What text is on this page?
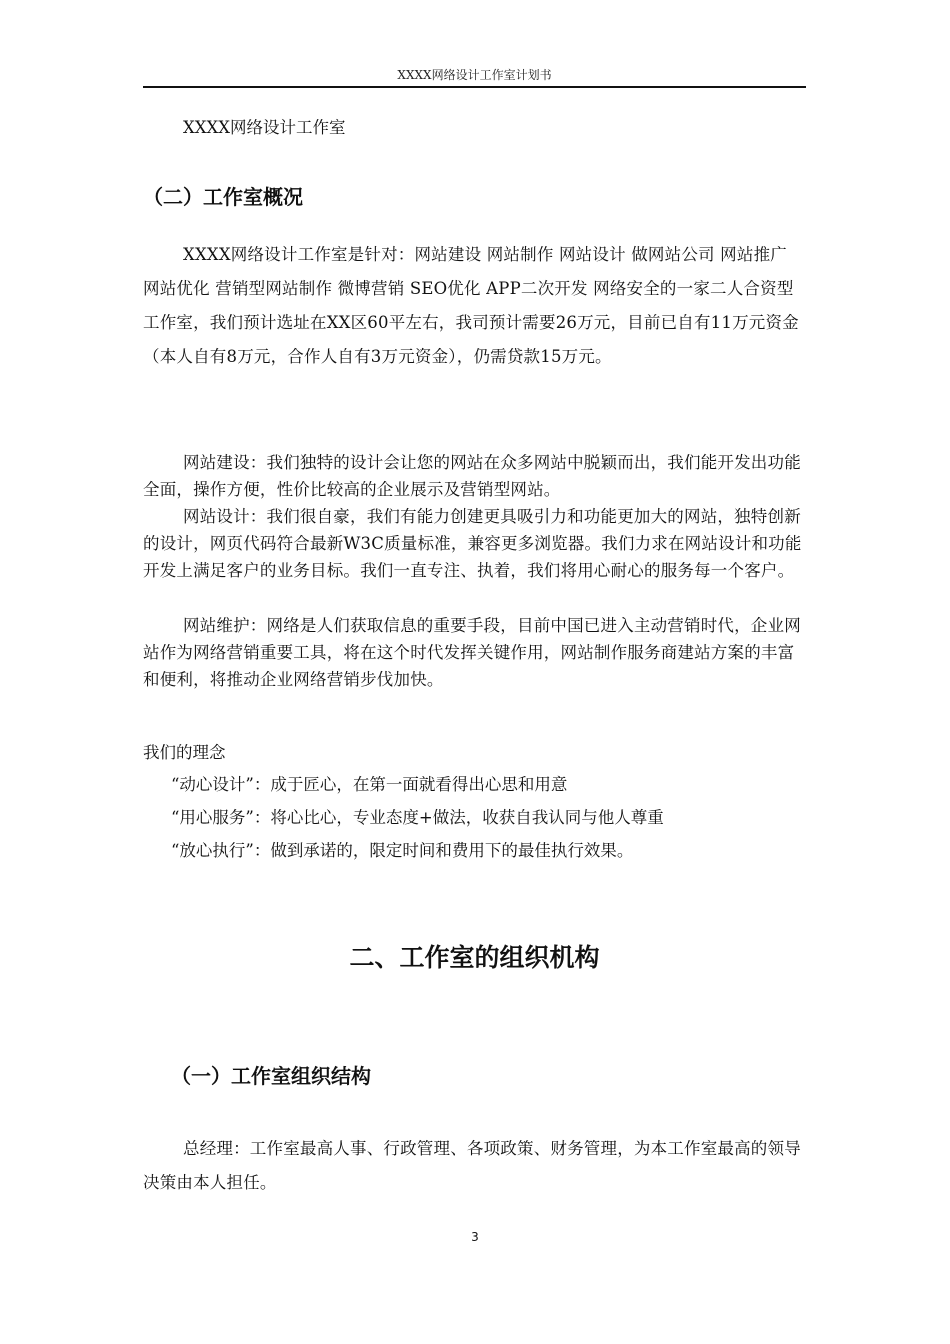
XXXX网络设计工作室计划书
XXXX网络设计工作室
（二）工作室概况

XXXX网络设计工作室是针对：网站建设 网站制作 网站设计 做网站公司 网站推广 网站优化 营销型网站制作 微博营销 SEO优化 APP二次开发 网络安全的一家二人合资型工作室，我们预计选址在XX区60平左右，我司预计需要26万元，目前已自有11万元资金（本人自有8万元，合作人自有3万元资金），仍需贷款15万元。

网站建设：我们独特的设计会让您的网站在众多网站中脱颖而出，我们能开发出功能全面，操作方便，性价比较高的企业展示及营销型网站。

网站设计：我们很自豪，我们有能力创建更具吸引力和功能更加大的网站，独特创新的设计，网页代码符合最新W3C质量标准，兼容更多浏览器。我们力求在网站设计和功能开发上满足客户的业务目标。我们一直专注、执着，我们将用心耐心的服务每一个客户。

网站维护：网络是人们获取信息的重要手段，目前中国已进入主动营销时代，企业网站作为网络营销重要工具，将在这个时代发挥关键作用，网站制作服务商建站方案的丰富和便利，将推动企业网络营销步伐加快。

我们的理念

“动心设计”：成于匠心，在第一面就看得出心思和用意

“用心服务”：将心比心，专业态度+做法，收获自我认同与他人尊重

“放心执行”：做到承诺的，限定时间和费用下的最佳执行效果。

二、工作室的组织机构
（一）工作室组织结构

总经理：工作室最高人事、行政管理、各项政策、财务管理，为本工作室最高的领导决策由本人担任。

3
